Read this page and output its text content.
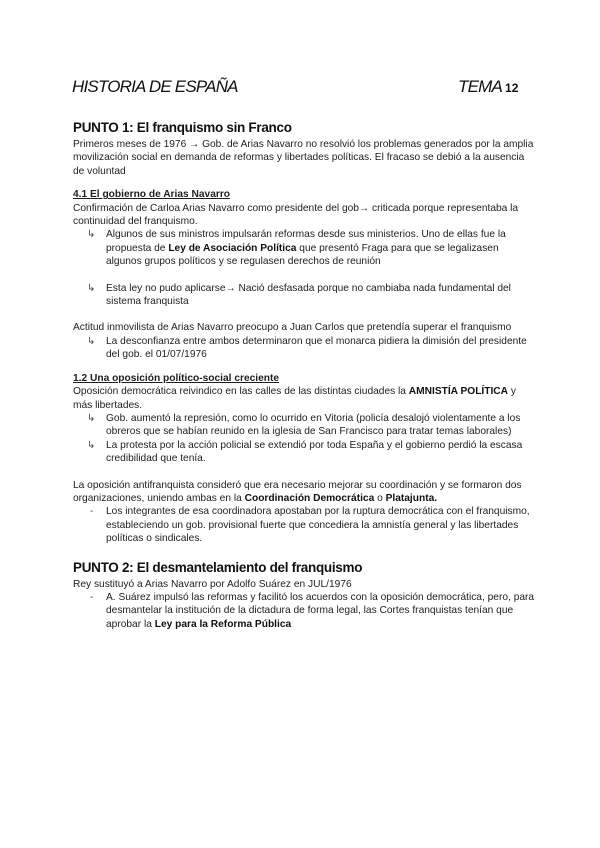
HISTORIA DE ESPAÑA	TEMA 12
PUNTO 1: El franquismo sin Franco

Primeros meses de 1976 → Gob. de Arias Navarro no resolvió los problemas generados por la amplia movilización social en demanda de reformas y libertades políticas. El fracaso se debió a la ausencia de voluntad

4.1 El gobierno de Arias Navarro

Confirmación de Carloa Arias Navarro como presidente del gob→ criticada porque representaba la continuidad del franquismo.

↳ Algunos de sus ministros impulsarán reformas desde sus ministerios. Uno de ellas fue la propuesta de Ley de Asociación Política que presentó Fraga para que se legalizasen algunos grupos políticos y se regulasen derechos de reunión
↳ Esta ley no pudo aplicarse→ Nació desfasada porque no cambiaba nada fundamental del sistema franquista

Actitud inmovilista de Arias Navarro preocupo a Juan Carlos que pretendía superar el franquismo

↳ La desconfianza entre ambos determinaron que el monarca pidiera la dimisión del presidente del gob. el 01/07/1976
1.2 Una oposición político-social creciente

Oposición democrática reivindico en las calles de las distintas ciudades la AMNISTÍA POLÍTICA y más libertades.

↳ Gob. aumentó la represión, como lo ocurrido en Vitoria (policía desalojó violentamente a los obreros que se habían reunido en la iglesia de San Francisco para tratar temas laborales)
↳ La protesta por la acción policial se extendió por toda España y el gobierno perdió la escasa credibilidad que tenía.

La oposición antifranquista consideró que era necesario mejorar su coordinación y se formaron dos organizaciones, uniendo ambas en la Coordinación Democrática o Platajunta.

- Los integrantes de esa coordinadora apostaban por la ruptura democrática con el franquismo, estableciendo un gob. provisional fuerte que concediera la amnistía general y las libertades políticas o sindicales.
PUNTO 2: El desmantelamiento del franquismo

Rey sustituyó a Arias Navarro por Adolfo Suárez en JUL/1976

- A. Suárez impulsó las reformas y facilitó los acuerdos con la oposición democrática, pero, para desmantelar la institución de la dictadura de forma legal, las Cortes franquistas tenían que aprobar la Ley para la Reforma Pública
